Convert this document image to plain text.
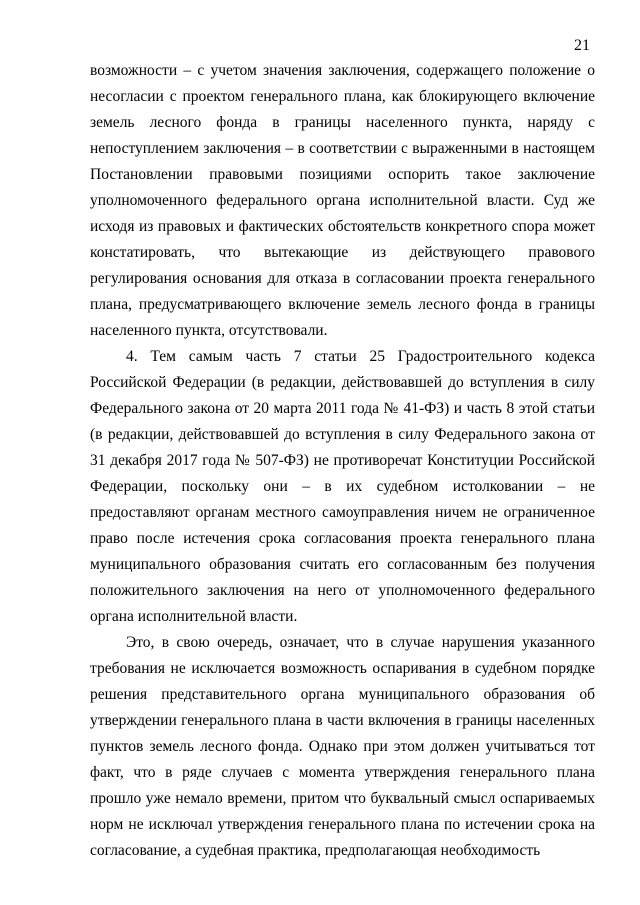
21

возможности – с учетом значения заключения, содержащего положение о несогласии с проектом генерального плана, как блокирующего включение земель лесного фонда в границы населенного пункта, наряду с непоступлением заключения – в соответствии с выраженными в настоящем Постановлении правовыми позициями оспорить такое заключение уполномоченного федерального органа исполнительной власти. Суд же исходя из правовых и фактических обстоятельств конкретного спора может констатировать, что вытекающие из действующего правового регулирования основания для отказа в согласовании проекта генерального плана, предусматривающего включение земель лесного фонда в границы населенного пункта, отсутствовали.

4. Тем самым часть 7 статьи 25 Градостроительного кодекса Российской Федерации (в редакции, действовавшей до вступления в силу Федерального закона от 20 марта 2011 года № 41-ФЗ) и часть 8 этой статьи (в редакции, действовавшей до вступления в силу Федерального закона от 31 декабря 2017 года № 507-ФЗ) не противоречат Конституции Российской Федерации, поскольку они – в их судебном истолковании – не предоставляют органам местного самоуправления ничем не ограниченное право после истечения срока согласования проекта генерального плана муниципального образования считать его согласованным без получения положительного заключения на него от уполномоченного федерального органа исполнительной власти.

Это, в свою очередь, означает, что в случае нарушения указанного требования не исключается возможность оспаривания в судебном порядке решения представительного органа муниципального образования об утверждении генерального плана в части включения в границы населенных пунктов земель лесного фонда. Однако при этом должен учитываться тот факт, что в ряде случаев с момента утверждения генерального плана прошло уже немало времени, притом что буквальный смысл оспариваемых норм не исключал утверждения генерального плана по истечении срока на согласование, а судебная практика, предполагающая необходимость
